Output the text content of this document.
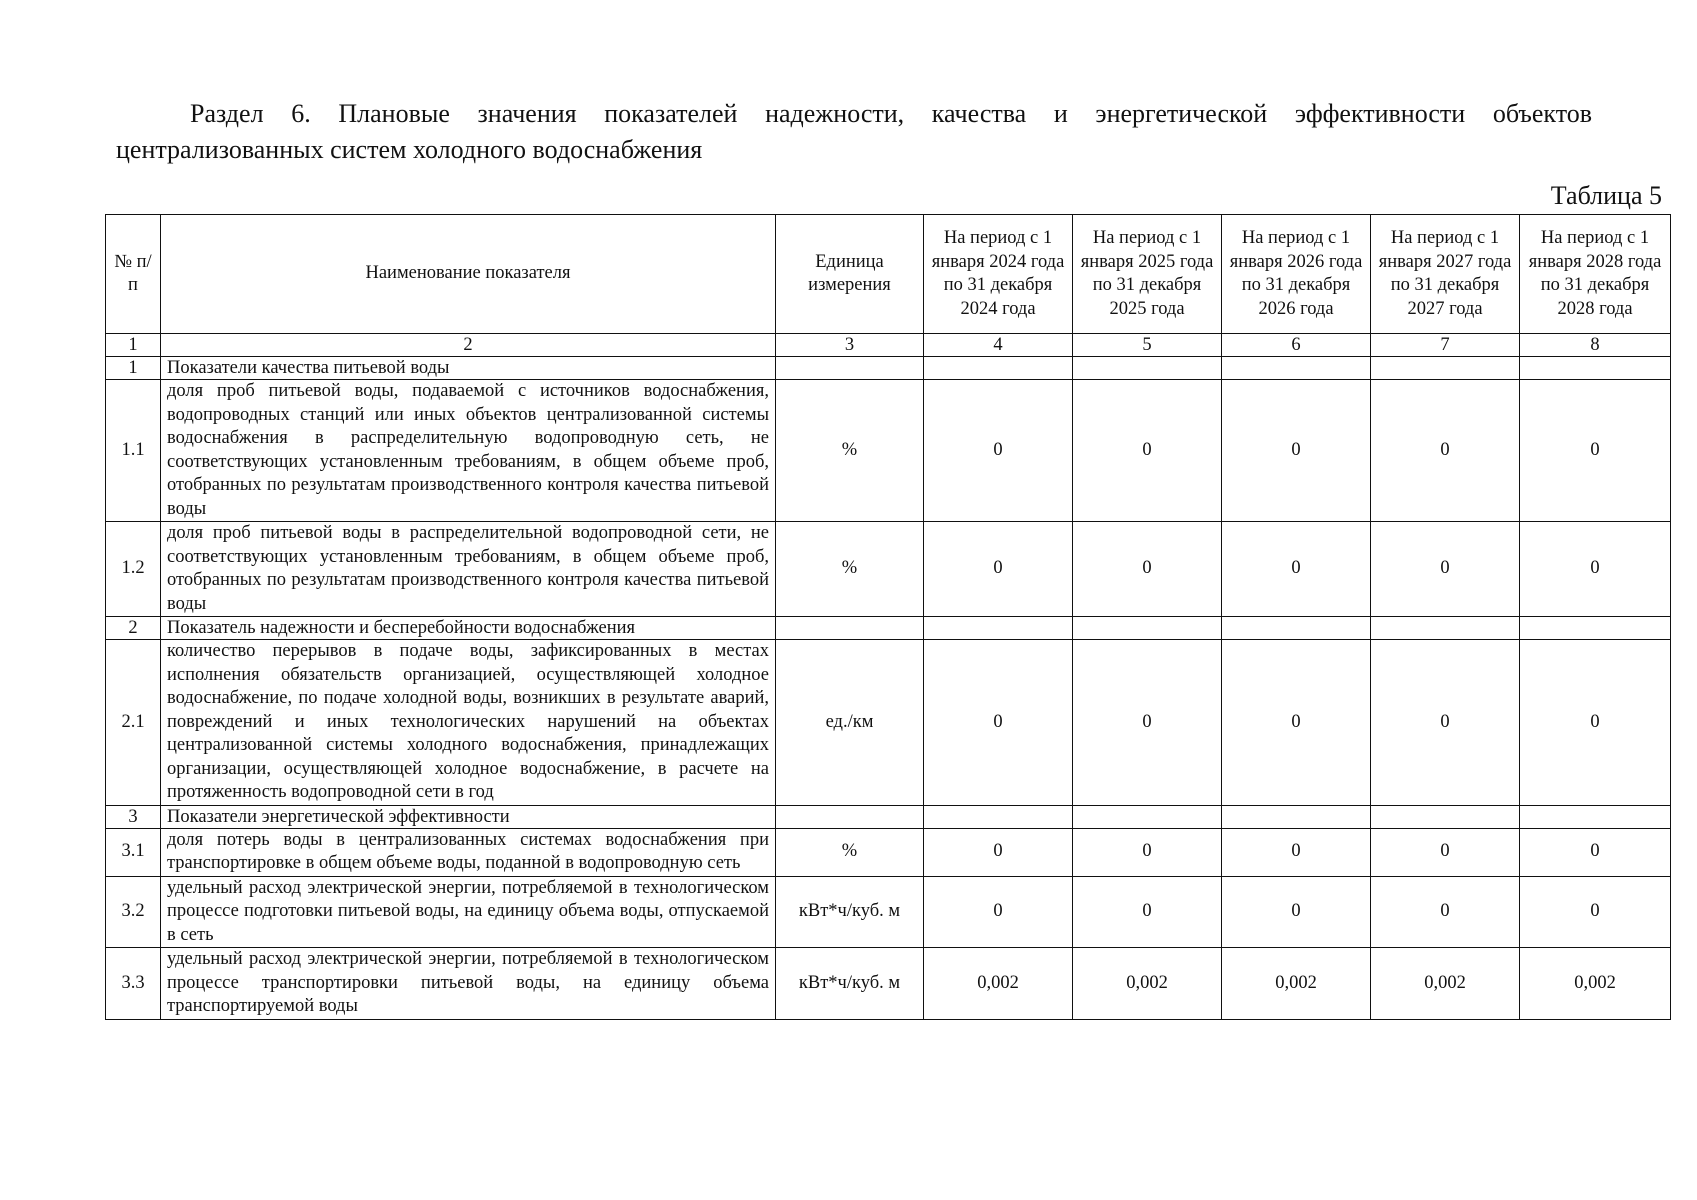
Раздел 6. Плановые значения показателей надежности, качества и энергетической эффективности объектов централизованных систем холодного водоснабжения

Таблица 5
№ п/п	Наименование показателя	Единица измерения	На период с 1 января 2024 года по 31 декабря 2024 года	На период с 1 января 2025 года по 31 декабря 2025 года	На период с 1 января 2026 года по 31 декабря 2026 года	На период с 1 января 2027 года по 31 декабря 2027 года	На период с 1 января 2028 года по 31 декабря 2028 года
1	2	3	4	5	6	7	8
1	Показатели качества питьевой воды						
1.1	доля проб питьевой воды, подаваемой с источников водоснабжения, водопроводных станций или иных объектов централизованной системы водоснабжения в распределительную водопроводную сеть, не соответствующих установленным требованиям, в общем объеме проб, отобранных по результатам производственного контроля качества питьевой воды	%	0	0	0	0	0
1.2	доля проб питьевой воды в распределительной водопроводной сети, не соответствующих установленным требованиям, в общем объеме проб, отобранных по результатам производственного контроля качества питьевой воды	%	0	0	0	0	0
2	Показатель надежности и бесперебойности водоснабжения						
2.1	количество перерывов в подаче воды, зафиксированных в местах исполнения обязательств организацией, осуществляющей холодное водоснабжение, по подаче холодной воды, возникших в результате аварий, повреждений и иных технологических нарушений на объектах централизованной системы холодного водоснабжения, принадлежащих организации, осуществляющей холодное водоснабжение, в расчете на протяженность водопроводной сети в год	ед./км	0	0	0	0	0
3	Показатели энергетической эффективности						
3.1	доля потерь воды в централизованных системах водоснабжения при транспортировке в общем объеме воды, поданной в водопроводную сеть	%	0	0	0	0	0
3.2	удельный расход электрической энергии, потребляемой в технологическом процессе подготовки питьевой воды, на единицу объема воды, отпускаемой в сеть	кВт*ч/куб. м	0	0	0	0	0
3.3	удельный расход электрической энергии, потребляемой в технологическом процессе транспортировки питьевой воды, на единицу объема транспортируемой воды	кВт*ч/куб. м	0,002	0,002	0,002	0,002	0,002
